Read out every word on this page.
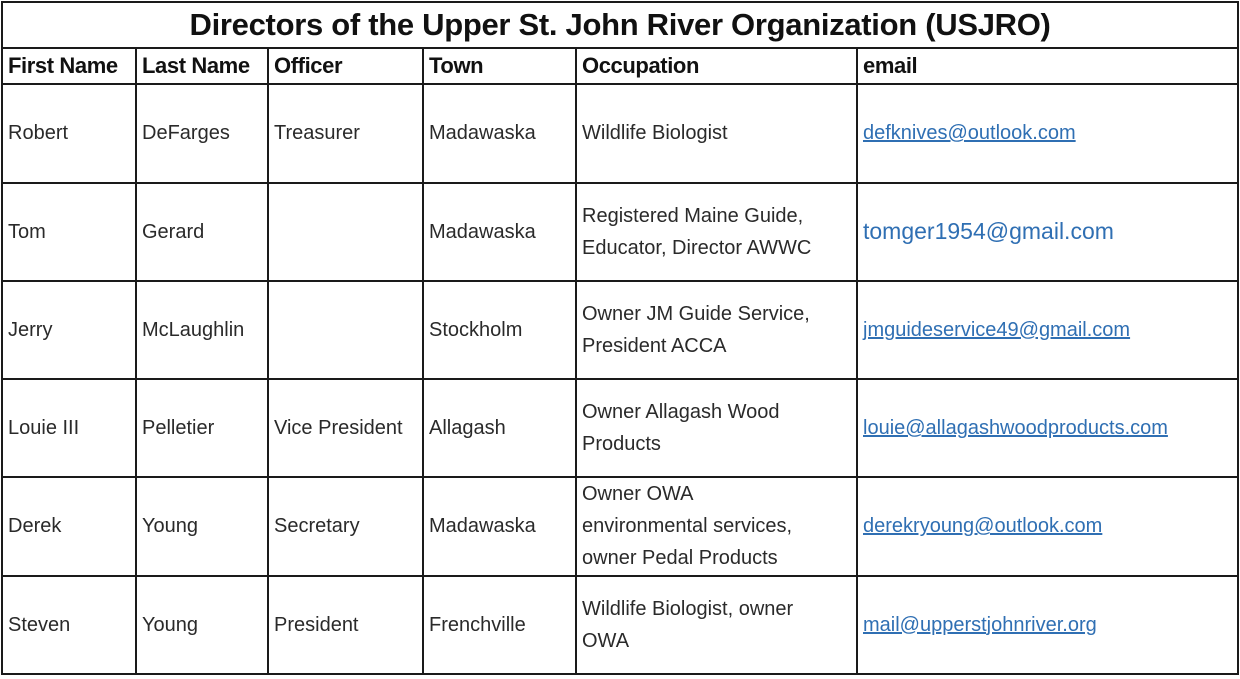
Directors of the Upper St. John River Organization (USJRO)					
First Name	Last Name	Officer	Town	Occupation	email
Robert	DeFarges	Treasurer	Madawaska	Wildlife Biologist	defknives@outlook.com
Tom	Gerard		Madawaska	Registered Maine Guide,
Educator, Director AWWC	tomger1954@gmail.com
Jerry	McLaughlin		Stockholm	Owner JM Guide Service,
President ACCA	jmguideservice49@gmail.com
Louie III	Pelletier	Vice President	Allagash	Owner Allagash Wood
Products	louie@allagashwoodproducts.com
Derek	Young	Secretary	Madawaska	Owner OWA
environmental services,
owner Pedal Products	derekryoung@outlook.com
Steven	Young	President	Frenchville	Wildlife Biologist, owner
OWA	mail@upperstjohnriver.org
